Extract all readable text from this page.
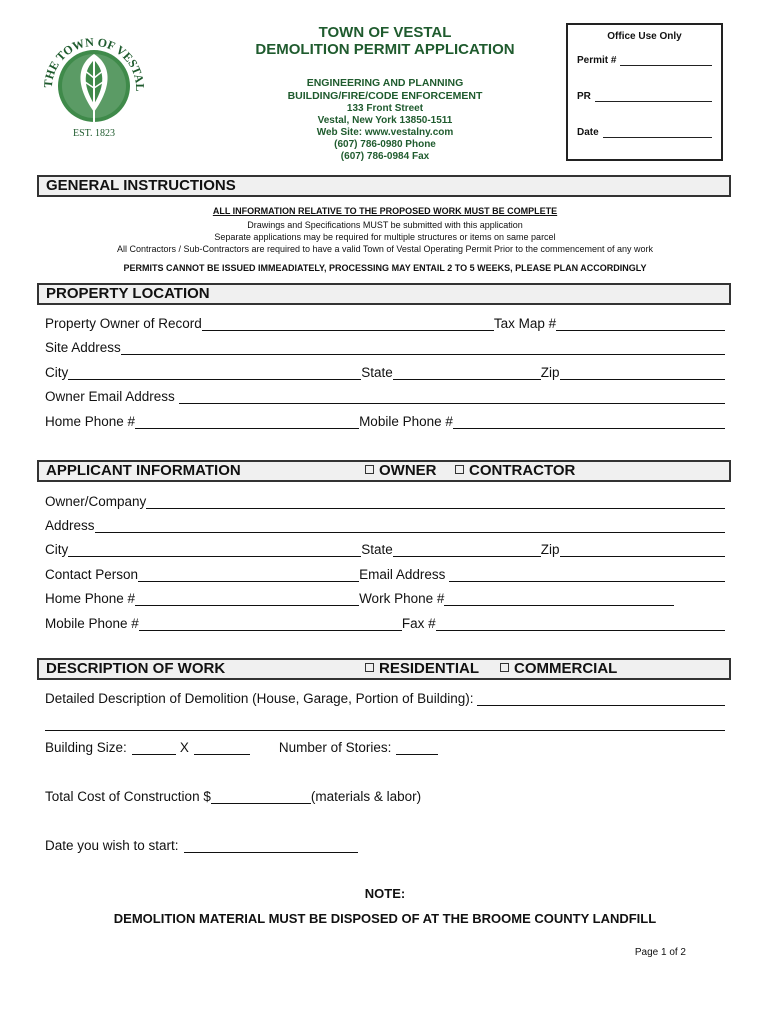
THE TOWN OF VESTAL
EST. 1823
TOWN OF VESTAL
DEMOLITION PERMIT APPLICATION
ENGINEERING AND PLANNING
BUILDING/FIRE/CODE ENFORCEMENT
133 Front Street
Vestal, New York 13850-1511
Web Site: www.vestalny.com
(607) 786-0980 Phone
(607) 786-0984 Fax
Office Use Only
Permit #
PR
Date
GENERAL INSTRUCTIONS
ALL INFORMATION RELATIVE TO THE PROPOSED WORK MUST BE COMPLETE
Drawings and Specifications MUST be submitted with this application
Separate applications may be required for multiple structures or items on same parcel
All Contractors / Sub-Contractors are required to have a valid Town of Vestal Operating Permit Prior to the commencement of any work
PERMITS CANNOT BE ISSUED IMMEADIATELY, PROCESSING MAY ENTAIL 2 TO 5 WEEKS, PLEASE PLAN ACCORDINGLY
PROPERTY LOCATION
Property Owner of Record	Tax Map #
Site Address
City	State	Zip
Owner Email Address
Home Phone #	Mobile Phone #
APPLICANT INFORMATION	OWNER	CONTRACTOR
Owner/Company
Address
City	State	Zip
Contact Person	Email Address
Home Phone #	Work Phone #
Mobile Phone #	Fax #
DESCRIPTION OF WORK	RESIDENTIAL	COMMERCIAL
Detailed Description of Demolition (House, Garage, Portion of Building):
Building Size:	X	Number of Stories:
Total Cost of Construction $	(materials & labor)
Date you wish to start:
NOTE:
DEMOLITION MATERIAL MUST BE DISPOSED OF AT THE BROOME COUNTY LANDFILL
Page 1 of 2
